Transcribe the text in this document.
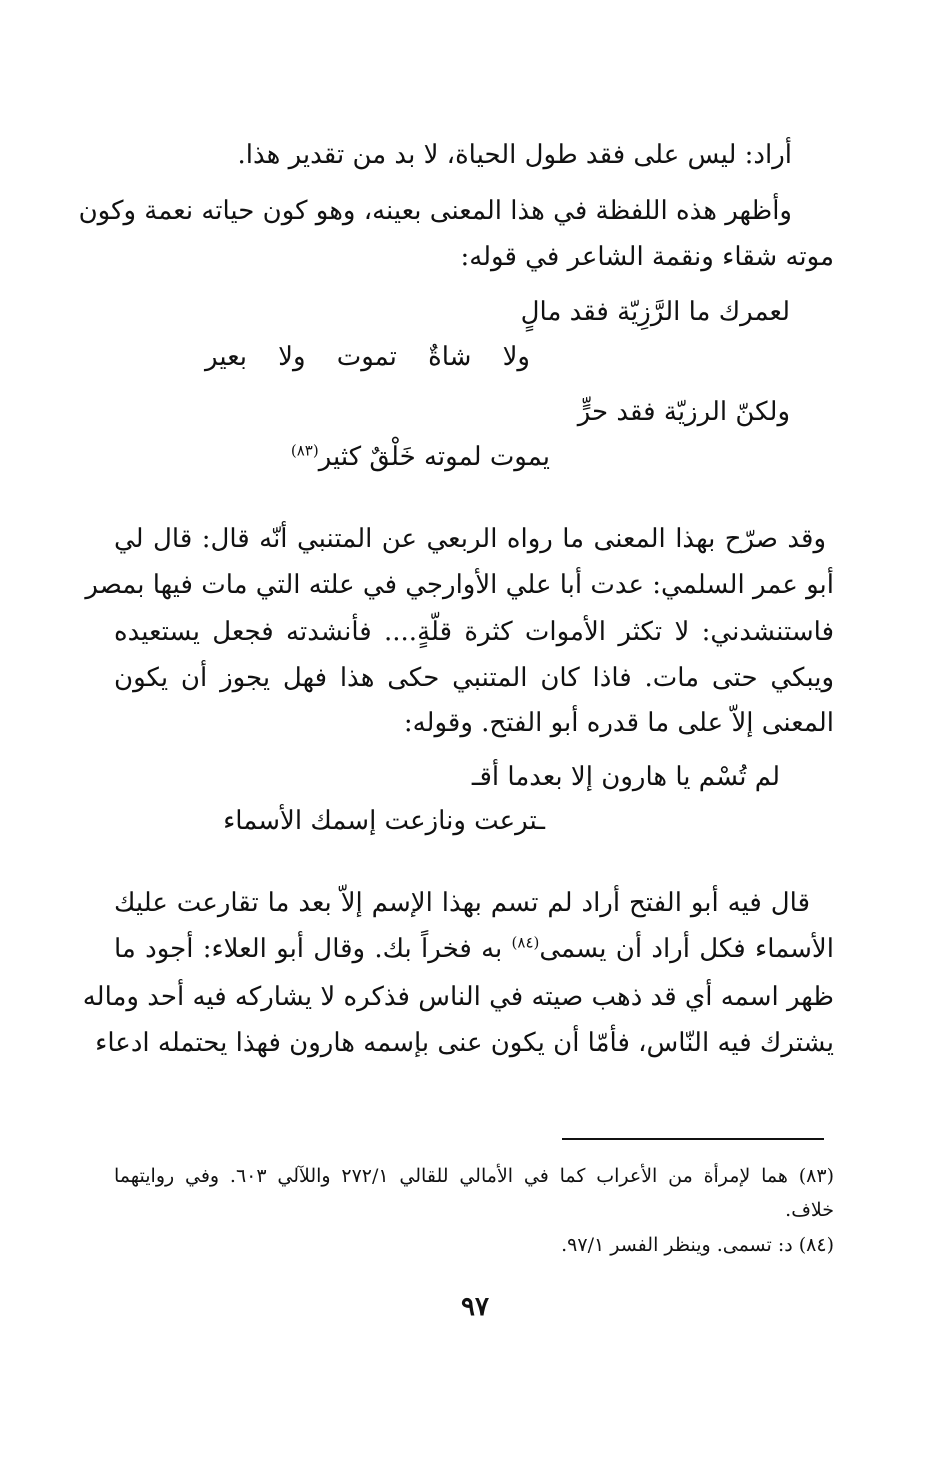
أراد: ليس على فقد طول الحياة، لا بد من تقدير هذا.
وأظهر هذه اللفظة في هذا المعنى بعينه، وهو كون حياته نعمة وكون
موته شقاء ونقمة الشاعر في قوله:
لعمرك ما الرَّزِيّة فقد مالٍ
ولا شاةٌ تموت ولا بعير
ولكنّ الرزيّة فقد حرٍّ
يموت لموته خَلْقٌ كثير$^{(٨٣)}$
وقد صرّح بهذا المعنى ما رواه الربعي عن المتنبي أنّه قال: قال لي
أبو عمر السلمي: عدت أبا علي الأوارجي في علته التي مات فيها بمصر
فاستنشدني: لا تكثر الأموات كثرة قلّةٍ.... فأنشدته فجعل يستعيده
ويبكي حتى مات. فاذا كان المتنبي حكى هذا فهل يجوز أن يكون
المعنى إلاّ على ما قدره أبو الفتح. وقوله:
لم تُسْم يا هارون إلا بعدما أقـ
ـترعت ونازعت إسمك الأسماء
قال فيه أبو الفتح أراد لم تسم بهذا الإسم إلاّ بعد ما تقارعت عليك
الأسماء فكل أراد أن يسمى$^{(٨٤)}$ به فخراً بك. وقال أبو العلاء: أجود ما
ظهر اسمه أي قد ذهب صيته في الناس فذكره لا يشاركه فيه أحد وماله
يشترك فيه النّاس، فأمّا أن يكون عنى بإسمه هارون فهذا يحتمله ادعاء
(٨٣) هما لإمرأة من الأعراب كما في الأمالي للقالي ٢٧٢/١ واللآلي ٦٠٣. وفي روايتهما
خلاف.
(٨٤) د: تسمى. وينظر الفسر ٩٧/١.
٩٧
